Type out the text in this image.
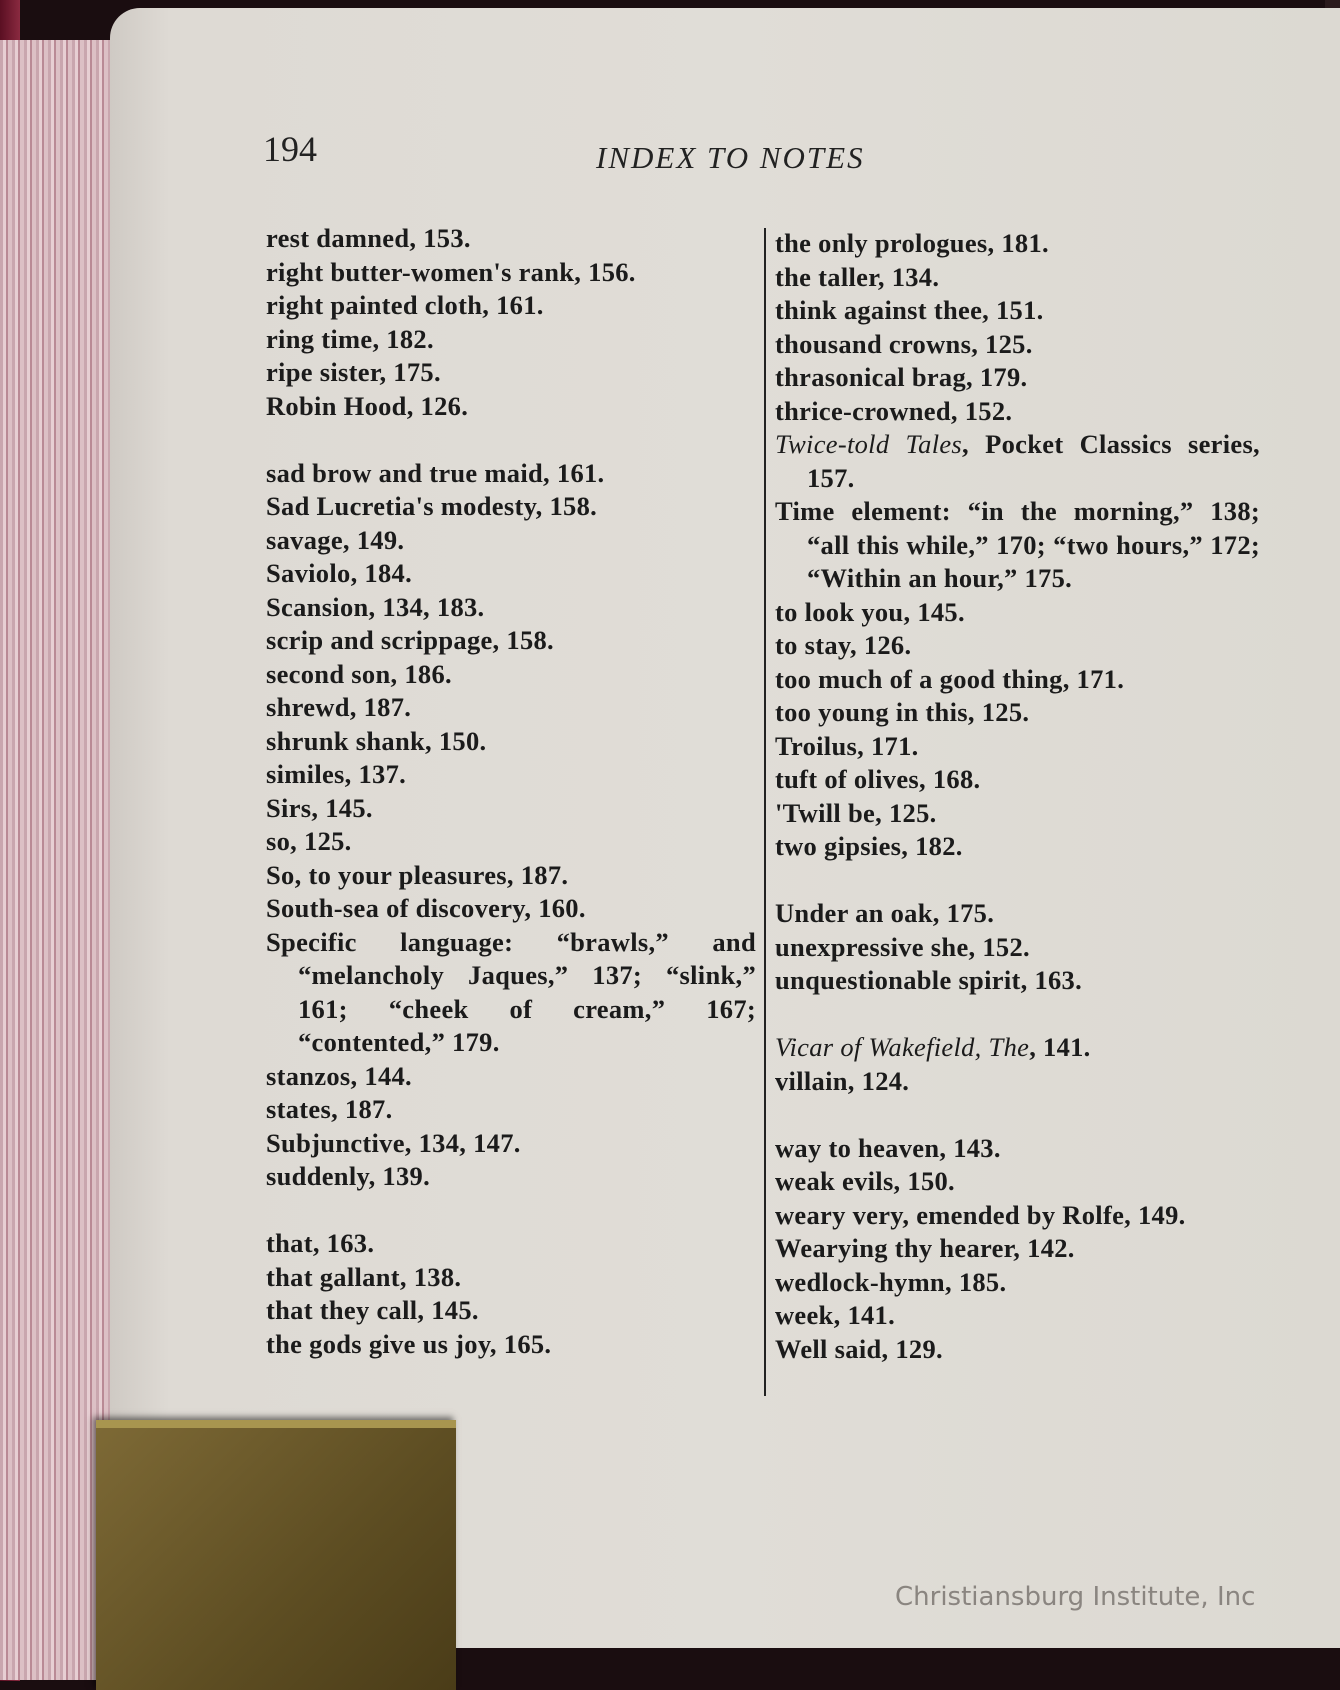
194	INDEX TO NOTES
rest damned, 153.
right butter-women's rank, 156.
right painted cloth, 161.
ring time, 182.
ripe sister, 175.
Robin Hood, 126.
sad brow and true maid, 161.
Sad Lucretia's modesty, 158.
savage, 149.
Saviolo, 184.
Scansion, 134, 183.
scrip and scrippage, 158.
second son, 186.
shrewd, 187.
shrunk shank, 150.
similes, 137.
Sirs, 145.
so, 125.
So, to your pleasures, 187.
South-sea of discovery, 160.
Specific language: “brawls,” and “melancholy Jaques,” 137; “slink,” 161; “cheek of cream,” 167; “contented,” 179.
stanzos, 144.
states, 187.
Subjunctive, 134, 147.
suddenly, 139.
that, 163.
that gallant, 138.
that they call, 145.
the gods give us joy, 165.
the only prologues, 181.
the taller, 134.
think against thee, 151.
thousand crowns, 125.
thrasonical brag, 179.
thrice-crowned, 152.
Twice-told Tales, Pocket Classics series, 157.
Time element: “in the morning,” 138; “all this while,” 170; “two hours,” 172; “Within an hour,” 175.
to look you, 145.
to stay, 126.
too much of a good thing, 171.
too young in this, 125.
Troilus, 171.
tuft of olives, 168.
'Twill be, 125.
two gipsies, 182.
Under an oak, 175.
unexpressive she, 152.
unquestionable spirit, 163.
Vicar of Wakefield, The, 141.
villain, 124.
way to heaven, 143.
weak evils, 150.
weary very, emended by Rolfe, 149.
Wearying thy hearer, 142.
wedlock-hymn, 185.
week, 141.
Well said, 129.
Christiansburg Institute, Inc
